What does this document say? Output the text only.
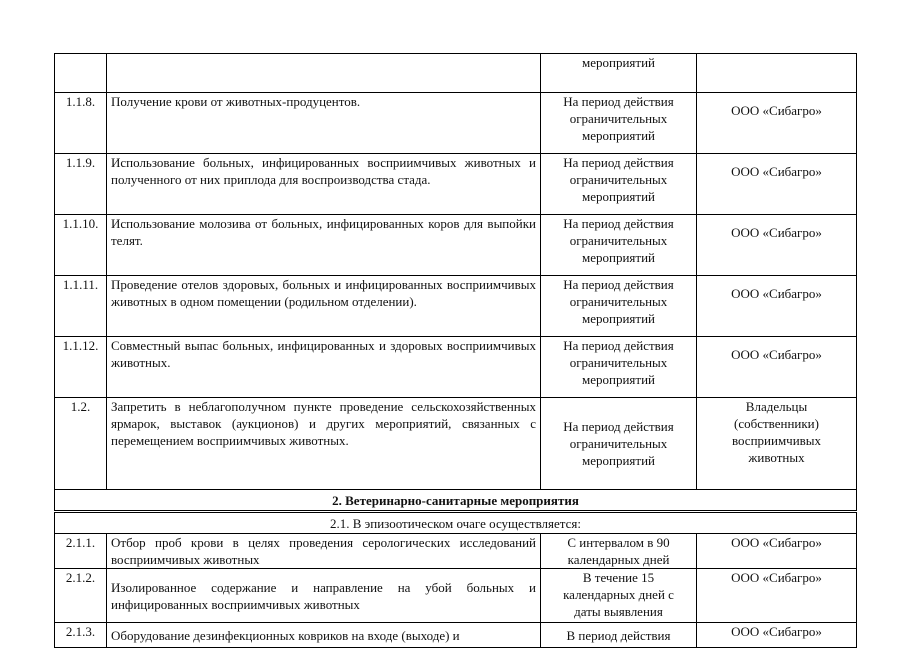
		мероприятий	
1.1.8.	Получение крови от животных-продуцентов.	На период действия
ограничительных
мероприятий	ООО «Сибагро»
1.1.9.	Использование больных, инфицированных восприимчивых животных и полученного от них приплода для воспроизводства стада.	На период действия
ограничительных
мероприятий	ООО «Сибагро»
1.1.10.	Использование молозива от больных, инфицированных коров для выпойки телят.	На период действия
ограничительных
мероприятий	ООО «Сибагро»
1.1.11.	Проведение отелов здоровых, больных и инфицированных восприимчивых животных в одном помещении (родильном отделении).	На период действия
ограничительных
мероприятий	ООО «Сибагро»
1.1.12.	Совместный выпас больных, инфицированных и здоровых восприимчивых животных.	На период действия
ограничительных
мероприятий	ООО «Сибагро»
1.2.	Запретить в неблагополучном пункте проведение сельскохозяйственных ярмарок, выставок (аукционов) и других мероприятий, связанных с перемещением восприимчивых животных.	На период действия
ограничительных
мероприятий	Владельцы
(собственники)
восприимчивых
животных
2. Ветеринарно-санитарные мероприятия			
2.1. В эпизоотическом очаге осуществляется:			
2.1.1.	Отбор проб крови в целях проведения серологических исследований восприимчивых животных	С интервалом в 90
календарных дней	ООО «Сибагро»
2.1.2.	Изолированное содержание и направление на убой больных и инфицированных восприимчивых животных	В течение 15
календарных дней с
даты выявления	ООО «Сибагро»
2.1.3.	Оборудование дезинфекционных ковриков на входе (выходе) и	В период действия	ООО «Сибагро»
